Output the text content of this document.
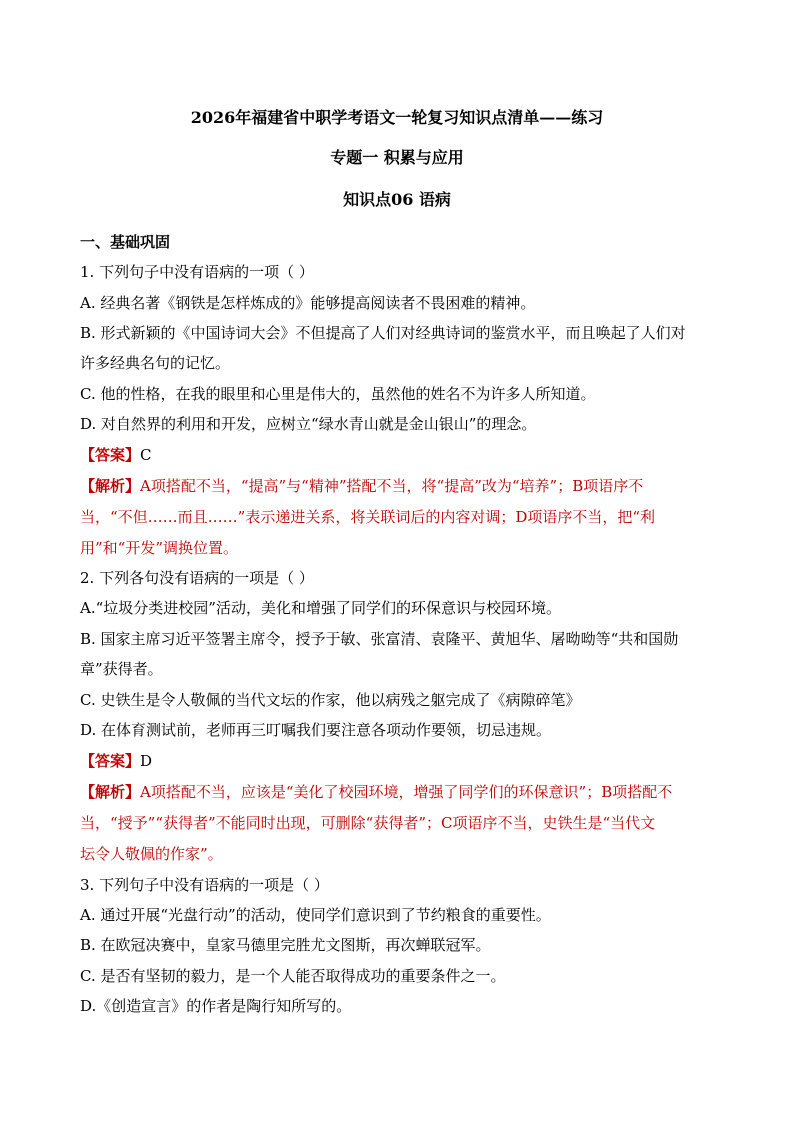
2026年福建省中职学考语文一轮复习知识点清单——练习
专题一 积累与应用
知识点06 语病
一、基础巩固
1. 下列句子中没有语病的一项（ ）
A. 经典名著《钢铁是怎样炼成的》能够提高阅读者不畏困难的精神。
B. 形式新颖的《中国诗词大会》不但提高了人们对经典诗词的鉴赏水平，而且唤起了人们对
许多经典名句的记忆。
C. 他的性格，在我的眼里和心里是伟大的，虽然他的姓名不为许多人所知道。
D. 对自然界的利用和开发，应树立“绿水青山就是金山银山”的理念。
【答案】C
【解析】A项搭配不当，“提高”与“精神”搭配不当，将“提高”改为“培养”；B项语序不
当，“不但……而且……”表示递进关系，将关联词后的内容对调；D项语序不当，把“利
用”和“开发”调换位置。
2. 下列各句没有语病的一项是（ ）
A.“垃圾分类进校园”活动，美化和增强了同学们的环保意识与校园环境。
B. 国家主席习近平签署主席令，授予于敏、张富清、袁隆平、黄旭华、屠呦呦等“共和国勋
章”获得者。
C. 史铁生是令人敬佩的当代文坛的作家，他以病残之躯完成了《病隙碎笔》
D. 在体育测试前，老师再三叮嘱我们要注意各项动作要领，切忌违规。
【答案】D
【解析】A项搭配不当，应该是“美化了校园环境，增强了同学们的环保意识”；B项搭配不
当，“授予”“获得者”不能同时出现，可删除“获得者”；C项语序不当，史铁生是“当代文
坛令人敬佩的作家”。
3. 下列句子中没有语病的一项是（ ）
A. 通过开展“光盘行动”的活动，使同学们意识到了节约粮食的重要性。
B. 在欧冠决赛中，皇家马德里完胜尤文图斯，再次蝉联冠军。
C. 是否有坚韧的毅力，是一个人能否取得成功的重要条件之一。
D.《创造宣言》的作者是陶行知所写的。
